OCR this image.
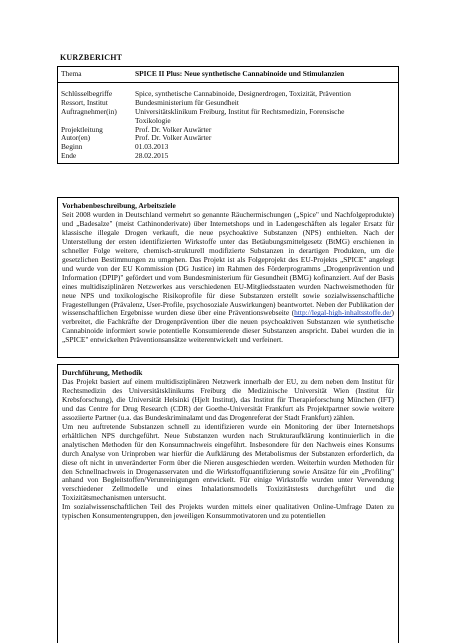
KURZBERICHT
Thema	SPICE II Plus: Neue synthetische Cannabinoide und Stimulanzien
Schlüsselbegriffe	Spice, synthetische Cannabinoide, Designerdrogen, Toxizität, Prävention
Ressort, Institut	Bundesministerium für Gesundheit
Auftragnehmer(in)	Universitätsklinikum Freiburg, Institut für Rechtsmedizin, Forensische
Toxikologie
Projektleitung	Prof. Dr. Volker Auwärter
Autor(en)	Prof. Dr. Volker Auwärter
Beginn	01.03.2013
Ende	28.02.2015
Vorhabenbeschreibung, Arbeitsziele

Seit 2008 wurden in Deutschland vermehrt so genannte Räuchermischungen („Spice" und Nachfolgeprodukte) und „Badesalze" (meist Cathinonderivate) über Internetshops und in Ladengeschäften als legaler Ersatz für klassische illegale Drogen verkauft, die neue psychoaktive Substanzen (NPS) enthielten. Nach der Unterstellung der ersten identifizierten Wirkstoffe unter das Betäubungsmittelgesetz (BtMG) erschienen in schneller Folge weitere, chemisch-strukturell modifizierte Substanzen in derartigen Produkten, um die gesetzlichen Bestimmungen zu umgehen. Das Projekt ist als Folgeprojekt des EU-Projekts „SPICE" angelegt und wurde von der EU Kommission (DG Justice) im Rahmen des Förderprogramms „Drogenprävention und Information (DPIP)" gefördert und vom Bundesministerium für Gesundheit (BMG) kofinanziert. Auf der Basis eines multidisziplinären Netzwerkes aus verschiedenen EU-Mitgliedsstaaten wurden Nachweismethoden für neue NPS und toxikologische Risikoprofile für diese Substanzen erstellt sowie sozialwissenschaftliche Fragestellungen (Prävalenz, User-Profile, psychosoziale Auswirkungen) beantwortet. Neben der Publikation der wissenschaftlichen Ergebnisse wurden diese über eine Präventionswebseite (http://legal-high-inhaltsstoffe.de/) verbreitet, die Fachkräfte der Drogenprävention über die neuen psychoaktiven Substanzen wie synthetische Cannabinoide informiert sowie potentielle Konsumierende dieser Substanzen anspricht. Dabei wurden die in „SPICE" entwickelten Präventionsansätze weiterentwickelt und verfeinert.

Durchführung, Methodik

Das Projekt basiert auf einem multidisziplinären Netzwerk innerhalb der EU, zu dem neben dem Institut für Rechtsmedizin des Universitätsklinikums Freiburg die Medizinische Universität Wien (Institut für Krebsforschung), die Universität Helsinki (Hjelt Institut), das Institut für Therapieforschung München (IFT) und das Centre for Drug Research (CDR) der Goethe-Universität Frankfurt als Projektpartner sowie weitere assoziierte Partner (u.a. das Bundeskriminalamt und das Drogenreferat der Stadt Frankfurt) zählen.

Um neu auftretende Substanzen schnell zu identifizieren wurde ein Monitoring der über Internetshops erhältlichen NPS durchgeführt. Neue Substanzen wurden nach Strukturaufklärung kontinuierlich in die analytischen Methoden für den Konsumnachweis eingeführt. Insbesondere für den Nachweis eines Konsums durch Analyse von Urinproben war hierfür die Aufklärung des Metabolismus der Substanzen erforderlich, da diese oft nicht in unveränderter Form über die Nieren ausgeschieden werden. Weiterhin wurden Methoden für den Schnellnachweis in Drogenasservaten und die Wirkstoffquantifizierung sowie Ansätze für ein „Profiling" anhand von Begleitstoffen/Verunreinigungen entwickelt. Für einige Wirkstoffe wurden unter Verwendung verschiedener Zellmodelle und eines Inhalationsmodells Toxizitätstests durchgeführt und die Toxizitätsmechanismen untersucht.

Im sozialwissenschaftlichen Teil des Projekts wurden mittels einer qualitativen Online-Umfrage Daten zu typischen Konsumentengruppen, den jeweiligen Konsummotivatoren und zu potentiellen
